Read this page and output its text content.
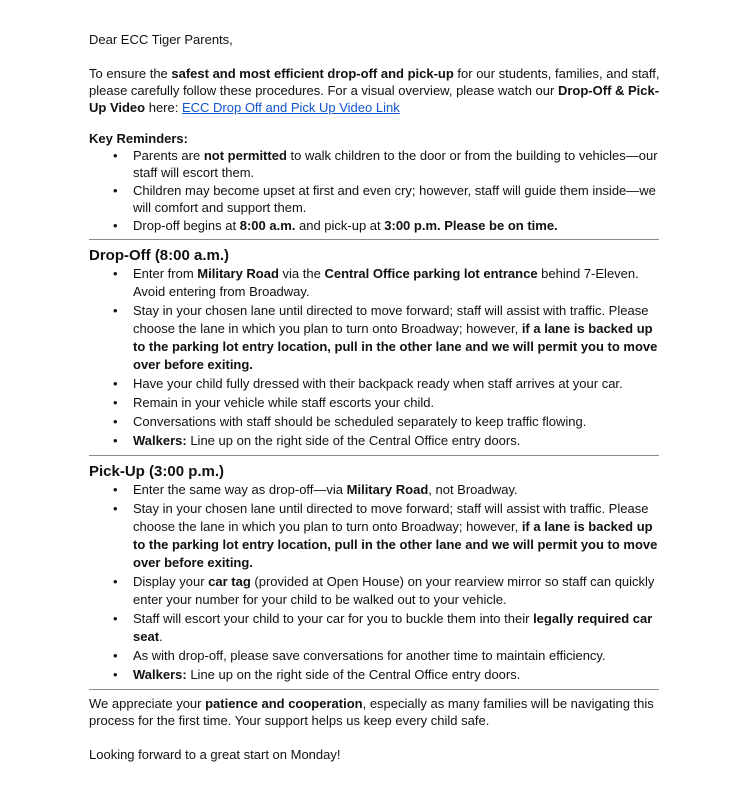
Dear ECC Tiger Parents,

To ensure the safest and most efficient drop-off and pick-up for our students, families, and staff, please carefully follow these procedures. For a visual overview, please watch our Drop-Off & Pick-Up Video here: ECC Drop Off and Pick Up Video Link

Key Reminders:

• Parents are not permitted to walk children to the door or from the building to vehicles—our staff will escort them.
• Children may become upset at first and even cry; however, staff will guide them inside—we will comfort and support them.
• Drop-off begins at 8:00 a.m. and pick-up at 3:00 p.m. Please be on time.

Drop-Off (8:00 a.m.)

• Enter from Military Road via the Central Office parking lot entrance behind 7-Eleven. Avoid entering from Broadway.
• Stay in your chosen lane until directed to move forward; staff will assist with traffic. Please choose the lane in which you plan to turn onto Broadway; however, if a lane is backed up to the parking lot entry location, pull in the other lane and we will permit you to move over before exiting.
• Have your child fully dressed with their backpack ready when staff arrives at your car.
• Remain in your vehicle while staff escorts your child.
• Conversations with staff should be scheduled separately to keep traffic flowing.
• Walkers: Line up on the right side of the Central Office entry doors.

Pick-Up (3:00 p.m.)

• Enter the same way as drop-off—via Military Road, not Broadway.
• Stay in your chosen lane until directed to move forward; staff will assist with traffic. Please choose the lane in which you plan to turn onto Broadway; however, if a lane is backed up to the parking lot entry location, pull in the other lane and we will permit you to move over before exiting.
• Display your car tag (provided at Open House) on your rearview mirror so staff can quickly enter your number for your child to be walked out to your vehicle.
• Staff will escort your child to your car for you to buckle them into their legally required car seat.
• As with drop-off, please save conversations for another time to maintain efficiency.
• Walkers: Line up on the right side of the Central Office entry doors.

We appreciate your patience and cooperation, especially as many families will be navigating this process for the first time. Your support helps us keep every child safe.

Looking forward to a great start on Monday!
